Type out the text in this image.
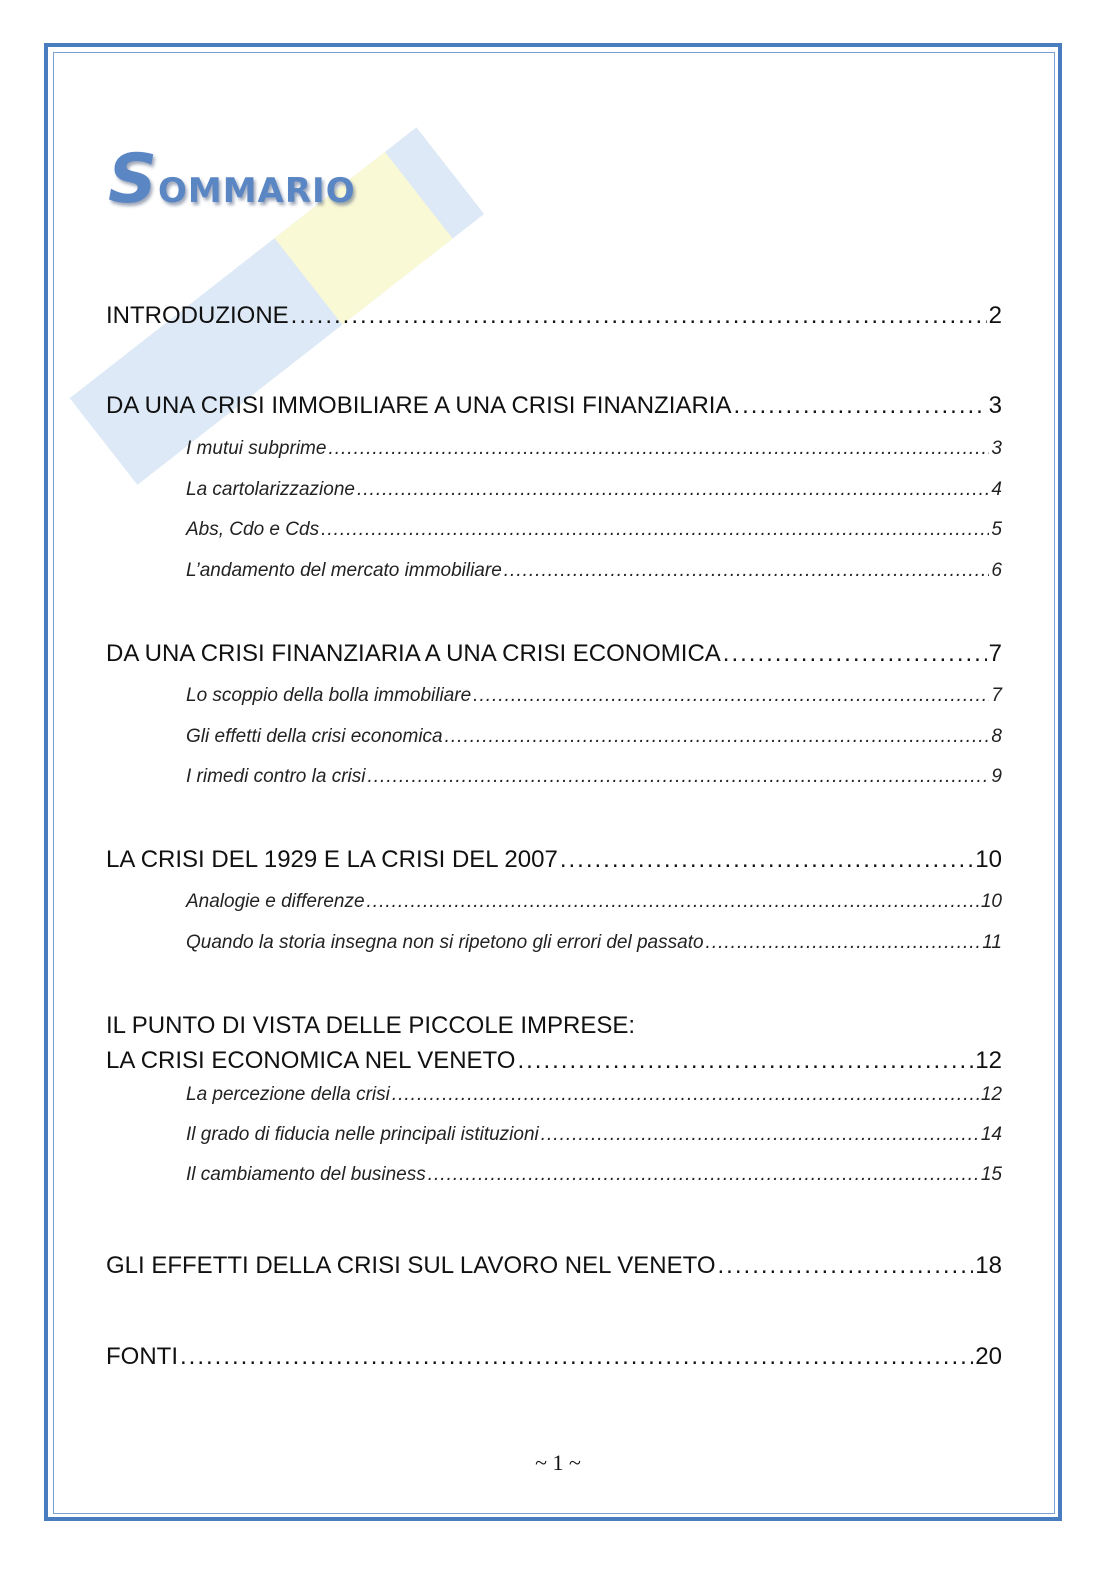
SOMMARIO
INTRODUZIONE .....	2
DA UNA CRISI IMMOBILIARE A UNA CRISI FINANZIARIA .....	3
I mutui subprime .....	3
La cartolarizzazione .....	4
Abs, Cdo e Cds .....	5
L’andamento del mercato immobiliare .....	6
DA UNA CRISI FINANZIARIA A UNA CRISI ECONOMICA .....	7
Lo scoppio della bolla immobiliare .....	7
Gli effetti della crisi economica .....	8
I rimedi contro la crisi .....	9
LA CRISI DEL 1929 E LA CRISI DEL 2007 .....	10
Analogie e differenze .....	10
Quando la storia insegna non si ripetono gli errori del passato .....	11
IL PUNTO DI VISTA DELLE PICCOLE IMPRESE:
LA CRISI ECONOMICA NEL VENETO .....	12
La percezione della crisi .....	12
Il grado di fiducia nelle principali istituzioni .....	14
Il cambiamento del business .....	15
GLI EFFETTI DELLA CRISI SUL LAVORO NEL VENETO .....	18
FONTI .....	20
~ 1 ~
